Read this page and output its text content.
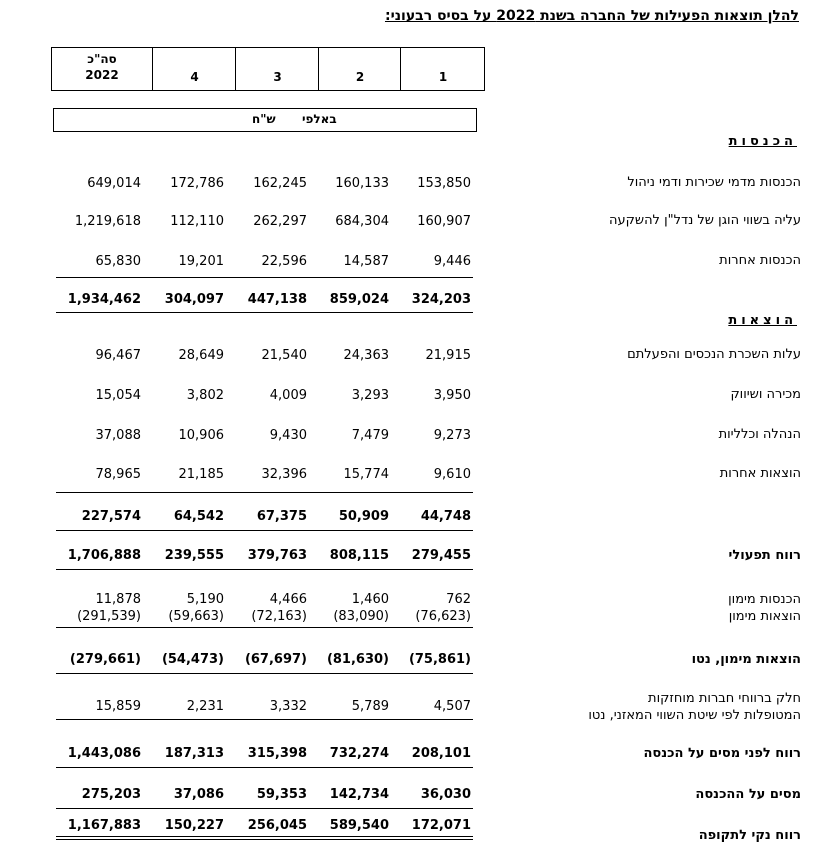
להלן תוצאות הפעילות של החברה בשנת 2022 על בסיס רבעוני:
סה"כ
2022	4	3	2	1
באלפי
ש"ח
הכנסות
הוצאות
הכנסות מדמי שכירות ודמי ניהול
649,014 172,786 162,245 160,133 153,850
עליה בשווי הוגן של נדל"ן להשקעה
1,219,618 112,110 262,297 684,304 160,907
הכנסות אחרות
65,830	19,201	22,596	14,587	9,446
1,934,462 304,097 447,138 859,024 324,203
עלות השכרת הנכסים והפעלתם
96,467	28,649	21,540	24,363	21,915
מכירה ושיווק
15,054	3,802	4,009	3,293	3,950
הנהלה וכלליות
37,088	10,906	9,430	7,479	9,273
הוצאות אחרות
78,965	21,185	32,396	15,774	9,610
227,574	64,542	67,375 50,909 44,748
רווח תפעולי
1,706,888 239,555 379,763 808,115 279,455
הכנסות מימון
11,878	5,190	4,466	1,460	762
הוצאות מימון
(291,539) (59,663) (72,163) (83,090) (76,623)
הוצאות מימון, נטו
(279,661) (54,473) (67,697) (81,630) (75,861)
חלק ברווחי חברות מוחזקות
המטופלות לפי שיטת השווי המאזני, נטו
15,859	2,231	3,332	5,789	4,507
רווח לפני מסים על הכנסה
1,443,086 187,313 315,398 732,274 208,101
מסים על ההכנסה
275,203	37,086	59,353 142,734 36,030
רווח נקי לתקופה
1,167,883 150,227 256,045 589,540 172,071
